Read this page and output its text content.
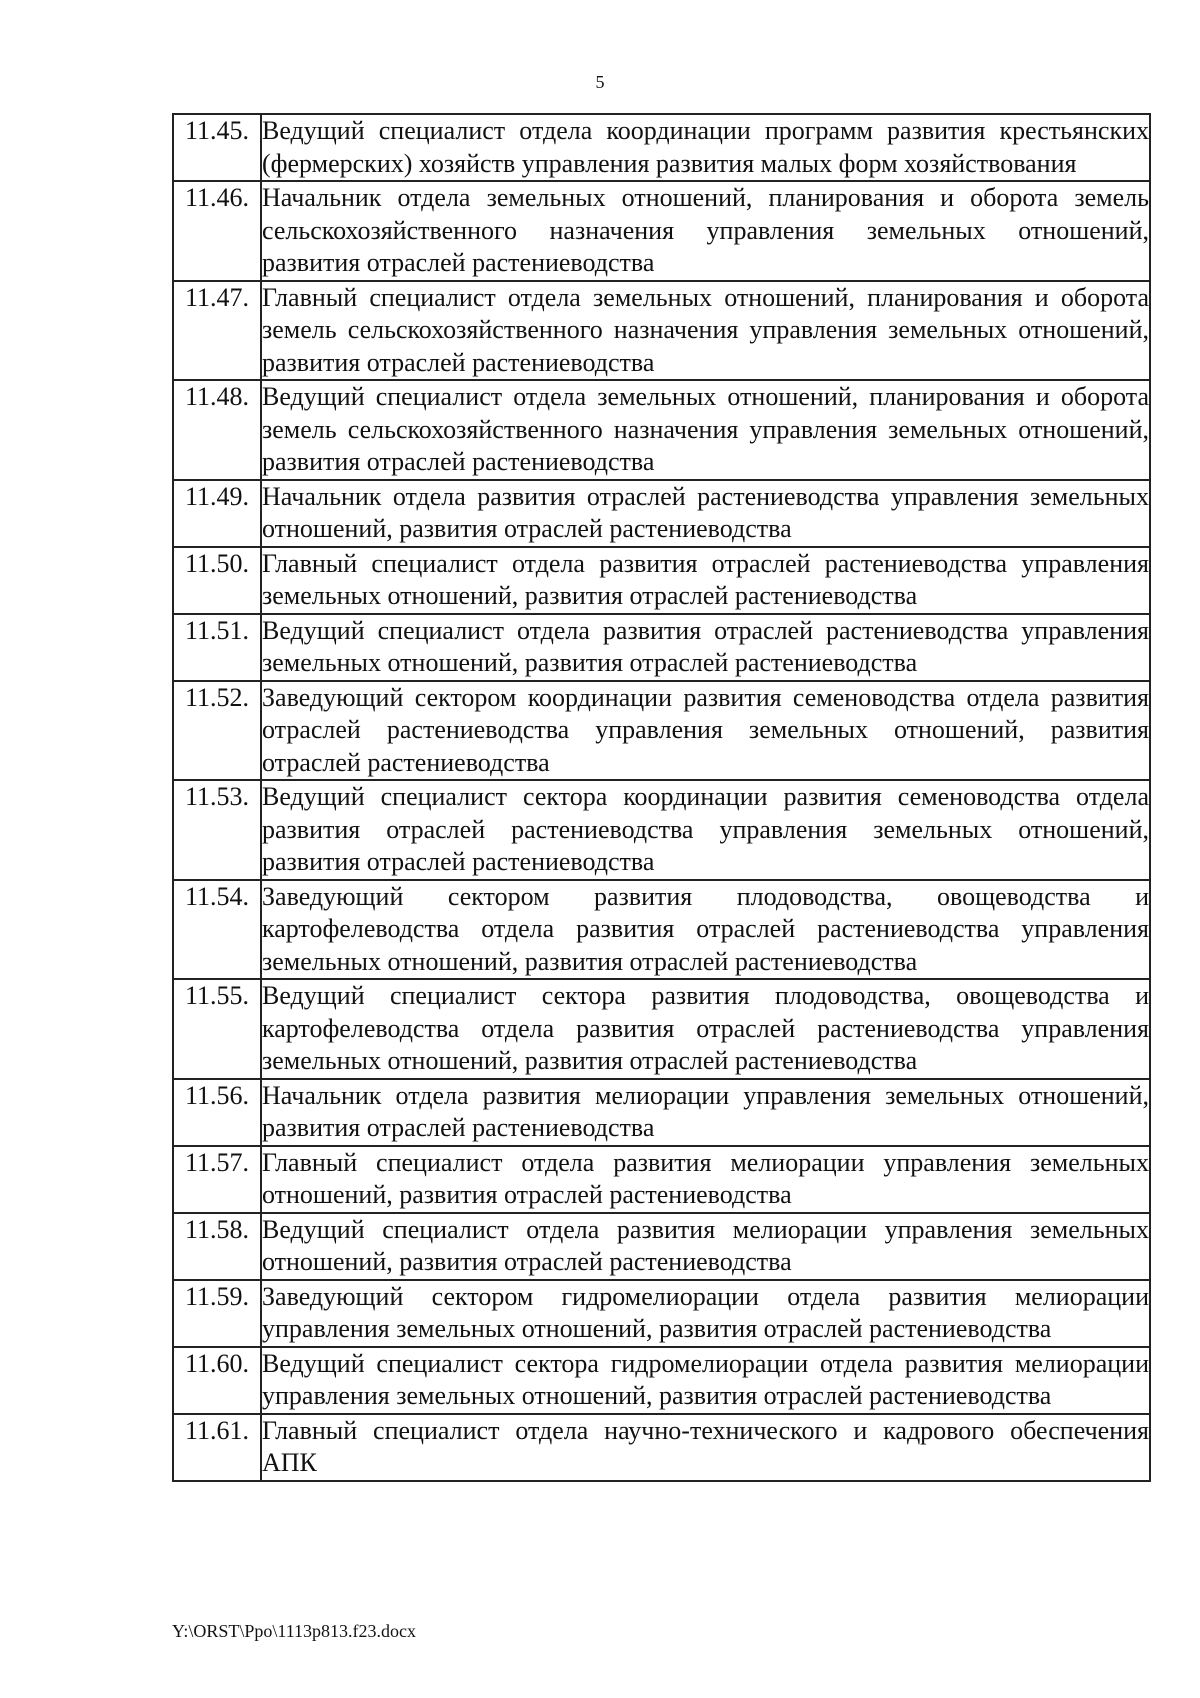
5
11.45.	Ведущий специалист отдела координации программ развития крестьянских (фермерских) хозяйств управления развития малых форм хозяйствования
11.46.	Начальник отдела земельных отношений, планирования и оборота земель сельскохозяйственного назначения управления земельных отношений, развития отраслей растениеводства
11.47.	Главный специалист отдела земельных отношений, планирования и оборота земель сельскохозяйственного назначения управления земельных отношений, развития отраслей растениеводства
11.48.	Ведущий специалист отдела земельных отношений, планирования и оборота земель сельскохозяйственного назначения управления земельных отношений, развития отраслей растениеводства
11.49.	Начальник отдела развития отраслей растениеводства управления земельных отношений, развития отраслей растениеводства
11.50.	Главный специалист отдела развития отраслей растениеводства управления земельных отношений, развития отраслей растениеводства
11.51.	Ведущий специалист отдела развития отраслей растениеводства управления земельных отношений, развития отраслей растениеводства
11.52.	Заведующий сектором координации развития семеноводства отдела развития отраслей растениеводства управления земельных отношений, развития отраслей растениеводства
11.53.	Ведущий специалист сектора координации развития семеноводства отдела развития отраслей растениеводства управления земельных отношений, развития отраслей растениеводства
11.54.	Заведующий сектором развития плодоводства, овощеводства и картофелеводства отдела развития отраслей растениеводства управления земельных отношений, развития отраслей растениеводства
11.55.	Ведущий специалист сектора развития плодоводства, овощеводства и картофелеводства отдела развития отраслей растениеводства управления земельных отношений, развития отраслей растениеводства
11.56.	Начальник отдела развития мелиорации управления земельных отношений, развития отраслей растениеводства
11.57.	Главный специалист отдела развития мелиорации управления земельных отношений, развития отраслей растениеводства
11.58.	Ведущий специалист отдела развития мелиорации управления земельных отношений, развития отраслей растениеводства
11.59.	Заведующий сектором гидромелиорации отдела развития мелиорации управления земельных отношений, развития отраслей растениеводства
11.60.	Ведущий специалист сектора гидромелиорации отдела развития мелиорации управления земельных отношений, развития отраслей растениеводства
11.61.	Главный специалист отдела научно-технического и кадрового обеспечения АПК
Y:\ORST\Ppo\1113p813.f23.docx
